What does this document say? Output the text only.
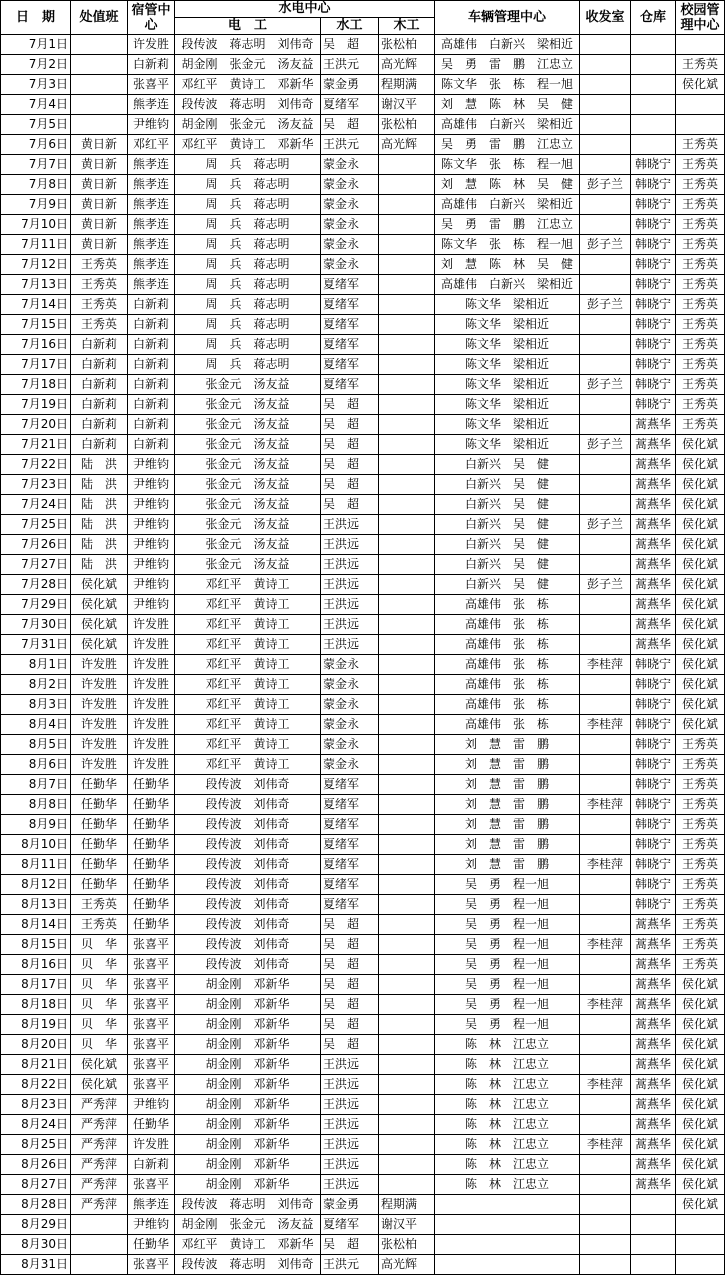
日　期	处值班	宿管中心	水电中心			车辆管理中心	收发室	仓库	校园管理中心
			电　工	水工	木工				
7月1日		许发胜	段传波　蒋志明　刘伟奇	吴　超	张松柏	高雄伟　白新兴　梁相近			
7月2日		白新莉	胡金刚　张金元　汤友益	王洪元	高光辉	吴　勇　雷　鹏　江忠立			王秀英
7月3日		张喜平	邓红平　黄诗工　邓新华	蒙金勇	程期满	陈文华　张　栋　程一旭			侯化斌
7月4日		熊孝连	段传波　蒋志明　刘伟奇	夏绪军	谢汉平	刘　慧　陈　林　吴　健			
7月5日		尹维钧	胡金刚　张金元　汤友益	吴　超	张松柏	高雄伟　白新兴　梁相近			
7月6日	黄日新	邓红平	邓红平　黄诗工　邓新华	王洪元	高光辉	吴　勇　雷　鹏　江忠立			王秀英
7月7日	黄日新	熊孝连	周　兵　蒋志明	蒙金永		陈文华　张　栋　程一旭		韩晓宁	王秀英
7月8日	黄日新	熊孝连	周　兵　蒋志明	蒙金永		刘　慧　陈　林　吴　健	彭子兰	韩晓宁	王秀英
7月9日	黄日新	熊孝连	周　兵　蒋志明	蒙金永		高雄伟　白新兴　梁相近		韩晓宁	王秀英
7月10日	黄日新	熊孝连	周　兵　蒋志明	蒙金永		吴　勇　雷　鹏　江忠立		韩晓宁	王秀英
7月11日	黄日新	熊孝连	周　兵　蒋志明	蒙金永		陈文华　张　栋　程一旭	彭子兰	韩晓宁	王秀英
7月12日	王秀英	熊孝连	周　兵　蒋志明	蒙金永		刘　慧　陈　林　吴　健		韩晓宁	王秀英
7月13日	王秀英	熊孝连	周　兵　蒋志明	夏绪军		高雄伟　白新兴　梁相近		韩晓宁	王秀英
7月14日	王秀英	白新莉	周　兵　蒋志明	夏绪军		陈文华　梁相近	彭子兰	韩晓宁	王秀英
7月15日	王秀英	白新莉	周　兵　蒋志明	夏绪军		陈文华　梁相近		韩晓宁	王秀英
7月16日	白新莉	白新莉	周　兵　蒋志明	夏绪军		陈文华　梁相近		韩晓宁	王秀英
7月17日	白新莉	白新莉	周　兵　蒋志明	夏绪军		陈文华　梁相近		韩晓宁	王秀英
7月18日	白新莉	白新莉	张金元　汤友益	夏绪军		陈文华　梁相近	彭子兰	韩晓宁	王秀英
7月19日	白新莉	白新莉	张金元　汤友益	吴　超		陈文华　梁相近		韩晓宁	王秀英
7月20日	白新莉	白新莉	张金元　汤友益	吴　超		陈文华　梁相近		蒿燕华	王秀英
7月21日	白新莉	白新莉	张金元　汤友益	吴　超		陈文华　梁相近	彭子兰	蒿燕华	侯化斌
7月22日	陆　洪	尹维钧	张金元　汤友益	吴　超		白新兴　吴　健		蒿燕华	侯化斌
7月23日	陆　洪	尹维钧	张金元　汤友益	吴　超		白新兴　吴　健		蒿燕华	侯化斌
7月24日	陆　洪	尹维钧	张金元　汤友益	吴　超		白新兴　吴　健		蒿燕华	侯化斌
7月25日	陆　洪	尹维钧	张金元　汤友益	王洪远		白新兴　吴　健	彭子兰	蒿燕华	侯化斌
7月26日	陆　洪	尹维钧	张金元　汤友益	王洪远		白新兴　吴　健		蒿燕华	侯化斌
7月27日	陆　洪	尹维钧	张金元　汤友益	王洪远		白新兴　吴　健		蒿燕华	侯化斌
7月28日	侯化斌	尹维钧	邓红平　黄诗工	王洪远		白新兴　吴　健	彭子兰	蒿燕华	侯化斌
7月29日	侯化斌	尹维钧	邓红平　黄诗工	王洪远		高雄伟　张　栋		蒿燕华	侯化斌
7月30日	侯化斌	许发胜	邓红平　黄诗工	王洪远		高雄伟　张　栋		蒿燕华	侯化斌
7月31日	侯化斌	许发胜	邓红平　黄诗工	王洪远		高雄伟　张　栋		蒿燕华	侯化斌
8月1日	许发胜	许发胜	邓红平　黄诗工	蒙金永		高雄伟　张　栋	李桂萍	韩晓宁	侯化斌
8月2日	许发胜	许发胜	邓红平　黄诗工	蒙金永		高雄伟　张　栋		韩晓宁	侯化斌
8月3日	许发胜	许发胜	邓红平　黄诗工	蒙金永		高雄伟　张　栋		韩晓宁	侯化斌
8月4日	许发胜	许发胜	邓红平　黄诗工	蒙金永		高雄伟　张　栋	李桂萍	韩晓宁	侯化斌
8月5日	许发胜	许发胜	邓红平　黄诗工	蒙金永		刘　慧　雷　鹏		韩晓宁	王秀英
8月6日	许发胜	许发胜	邓红平　黄诗工	蒙金永		刘　慧　雷　鹏		韩晓宁	王秀英
8月7日	任勤华	任勤华	段传波　刘伟奇	夏绪军		刘　慧　雷　鹏		韩晓宁	王秀英
8月8日	任勤华	任勤华	段传波　刘伟奇	夏绪军		刘　慧　雷　鹏	李桂萍	韩晓宁	王秀英
8月9日	任勤华	任勤华	段传波　刘伟奇	夏绪军		刘　慧　雷　鹏		韩晓宁	王秀英
8月10日	任勤华	任勤华	段传波　刘伟奇	夏绪军		刘　慧　雷　鹏		韩晓宁	王秀英
8月11日	任勤华	任勤华	段传波　刘伟奇	夏绪军		刘　慧　雷　鹏	李桂萍	韩晓宁	王秀英
8月12日	任勤华	任勤华	段传波　刘伟奇	夏绪军		吴　勇　程一旭		韩晓宁	王秀英
8月13日	王秀英	任勤华	段传波　刘伟奇	夏绪军		吴　勇　程一旭		韩晓宁	王秀英
8月14日	王秀英	任勤华	段传波　刘伟奇	吴　超		吴　勇　程一旭		蒿燕华	王秀英
8月15日	贝　华	张喜平	段传波　刘伟奇	吴　超		吴　勇　程一旭	李桂萍	蒿燕华	王秀英
8月16日	贝　华	张喜平	段传波　刘伟奇	吴　超		吴　勇　程一旭		蒿燕华	王秀英
8月17日	贝　华	张喜平	胡金刚　邓新华	吴　超		吴　勇　程一旭		蒿燕华	侯化斌
8月18日	贝　华	张喜平	胡金刚　邓新华	吴　超		吴　勇　程一旭	李桂萍	蒿燕华	侯化斌
8月19日	贝　华	张喜平	胡金刚　邓新华	吴　超		吴　勇　程一旭		蒿燕华	侯化斌
8月20日	贝　华	张喜平	胡金刚　邓新华	吴　超		陈　林　江忠立		蒿燕华	侯化斌
8月21日	侯化斌	张喜平	胡金刚　邓新华	王洪远		陈　林　江忠立		蒿燕华	侯化斌
8月22日	侯化斌	张喜平	胡金刚　邓新华	王洪远		陈　林　江忠立	李桂萍	蒿燕华	侯化斌
8月23日	严秀萍	尹维钧	胡金刚　邓新华	王洪远		陈　林　江忠立		蒿燕华	侯化斌
8月24日	严秀萍	任勤华	胡金刚　邓新华	王洪远		陈　林　江忠立		蒿燕华	侯化斌
8月25日	严秀萍	许发胜	胡金刚　邓新华	王洪远		陈　林　江忠立	李桂萍	蒿燕华	侯化斌
8月26日	严秀萍	白新莉	胡金刚　邓新华	王洪远		陈　林　江忠立		蒿燕华	侯化斌
8月27日	严秀萍	张喜平	胡金刚　邓新华	王洪远		陈　林　江忠立		蒿燕华	侯化斌
8月28日	严秀萍	熊孝连	段传波　蒋志明　刘伟奇	蒙金勇	程期满				侯化斌
8月29日		尹维钧	胡金刚　张金元　汤友益	夏绪军	谢汉平				
8月30日		任勤华	邓红平　黄诗工　邓新华	吴　超	张松柏				
8月31日		张喜平	段传波　蒋志明　刘伟奇	王洪元	高光辉				
